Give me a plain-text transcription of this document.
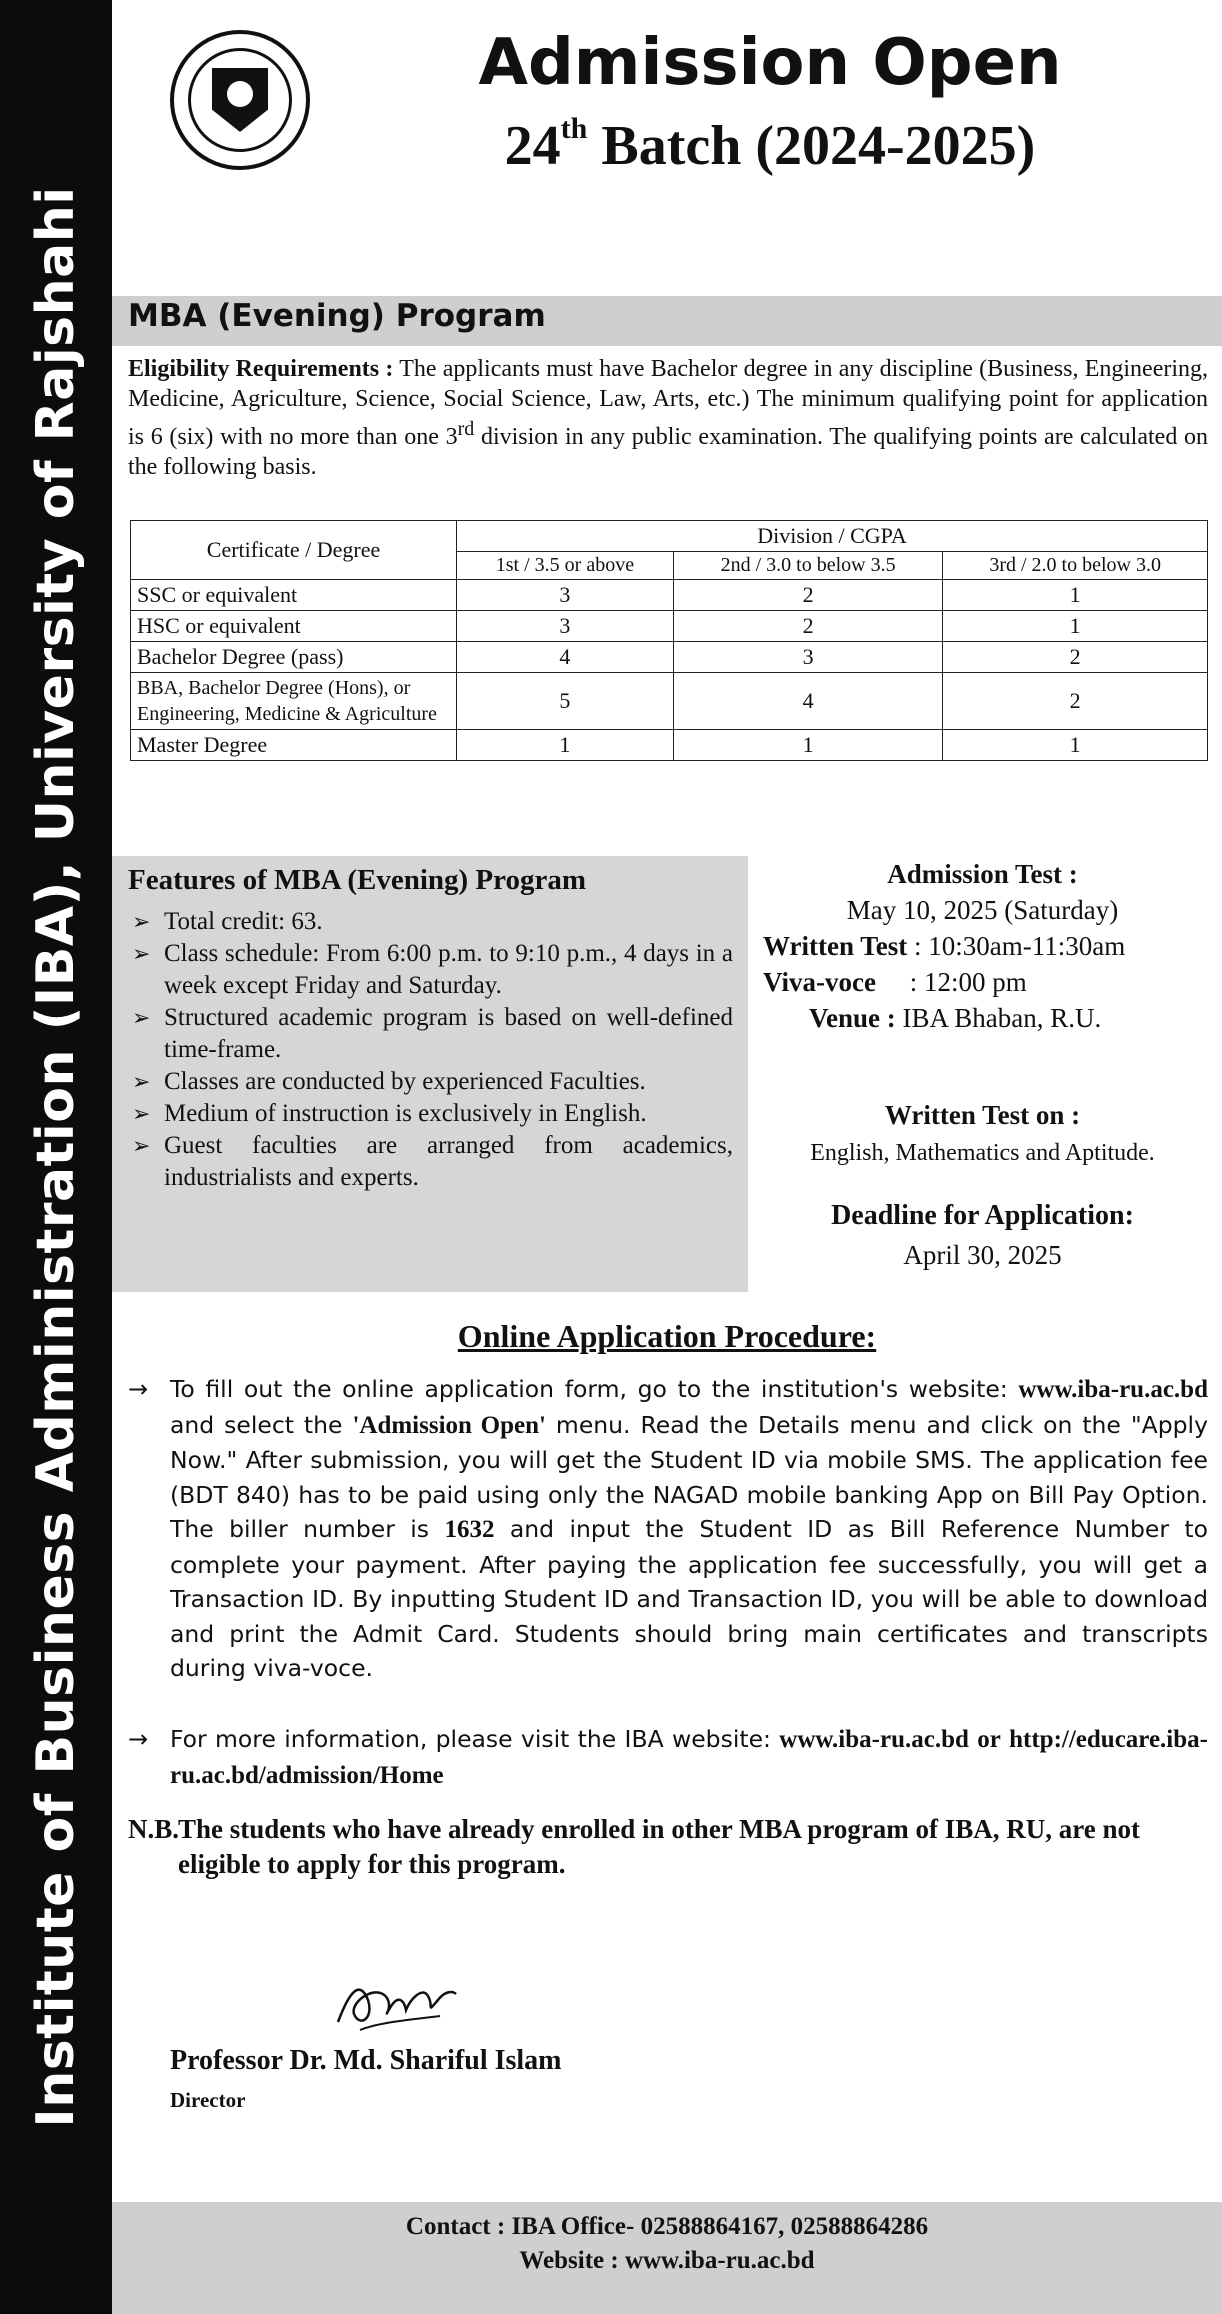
Institute of Business Administration (IBA), University of Rajshahi
Admission Open
24th Batch (2024-2025)
MBA (Evening) Program
Eligibility Requirements : The applicants must have Bachelor degree in any discipline (Business, Engineering, Medicine, Agriculture, Science, Social Science, Law, Arts, etc.) The minimum qualifying point for application is 6 (six) with no more than one 3rd division in any public examination. The qualifying points are calculated on the following basis.
Certificate / Degree	Division / CGPA		
	1st / 3.5 or above	2nd / 3.0 to below 3.5	3rd / 2.0 to below 3.0
SSC or equivalent	3	2	1
HSC or equivalent	3	2	1
Bachelor Degree (pass)	4	3	2
BBA, Bachelor Degree (Hons), or Engineering, Medicine & Agriculture	5	4	2
Master Degree	1	1	1
Features of MBA (Evening) Program
➢ Total credit: 63.
➢ Class schedule: From 6:00 p.m. to 9:10 p.m., 4 days in a week except Friday and Saturday.
➢ Structured academic program is based on well-defined time-frame.
➢ Classes are conducted by experienced Faculties.
➢ Medium of instruction is exclusively in English.
➢ Guest faculties are arranged from academics, industrialists and experts.
Admission Test :
May 10, 2025 (Saturday)
Written Test : 10:30am-11:30am
Viva-voce : 12:00 pm
Venue : IBA Bhaban, R.U.
Written Test on :
English, Mathematics and Aptitude.
Deadline for Application:
April 30, 2025
Online Application Procedure:
→ To fill out the online application form, go to the institution's website: www.iba-ru.ac.bd and select the 'Admission Open' menu. Read the Details menu and click on the "Apply Now." After submission, you will get the Student ID via mobile SMS. The application fee (BDT 840) has to be paid using only the NAGAD mobile banking App on Bill Pay Option. The biller number is 1632 and input the Student ID as Bill Reference Number to complete your payment. After paying the application fee successfully, you will get a Transaction ID. By inputting Student ID and Transaction ID, you will be able to download and print the Admit Card. Students should bring main certificates and transcripts during viva-voce.
→ For more information, please visit the IBA website: www.iba-ru.ac.bd or http://educare.iba-ru.ac.bd/admission/Home
N.B.
The students who have already enrolled in other MBA program of IBA, RU, are not eligible to apply for this program.
Professor Dr. Md. Shariful Islam
Director
Contact : IBA Office- 02588864167, 02588864286
Website : www.iba-ru.ac.bd
